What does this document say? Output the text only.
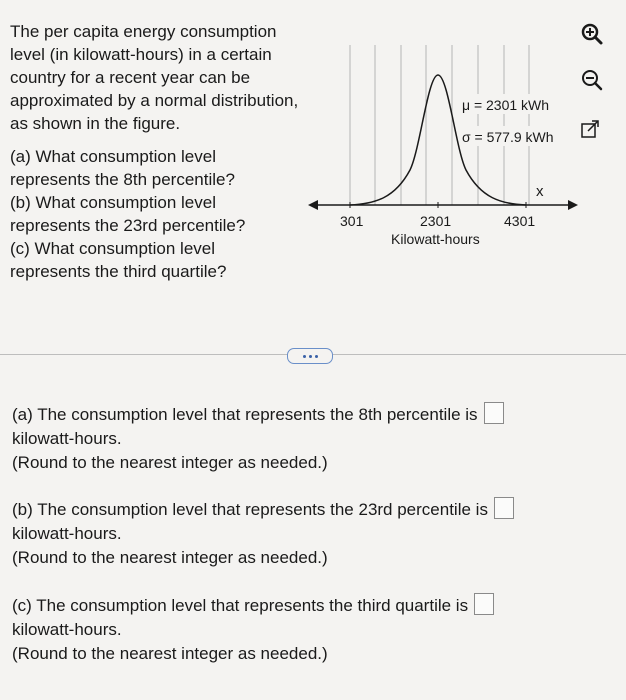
The per capita energy consumption level (in kilowatt-hours) in a certain country for a recent year can be approximated by a normal distribution, as shown in the figure.

(a) What consumption level represents the 8th percentile?

(b) What consumption level represents the 23rd percentile?

(c) What consumption level represents the third quartile?

μ = 2301 kWh
σ = 577.9 kWh
x
301	2301	4301
Kilowatt-hours

(a) The consumption level that represents the 8th percentile is

kilowatt-hours.

(Round to the nearest integer as needed.)

(b) The consumption level that represents the 23rd percentile is

kilowatt-hours.

(Round to the nearest integer as needed.)

(c) The consumption level that represents the third quartile is

kilowatt-hours.

(Round to the nearest integer as needed.)
